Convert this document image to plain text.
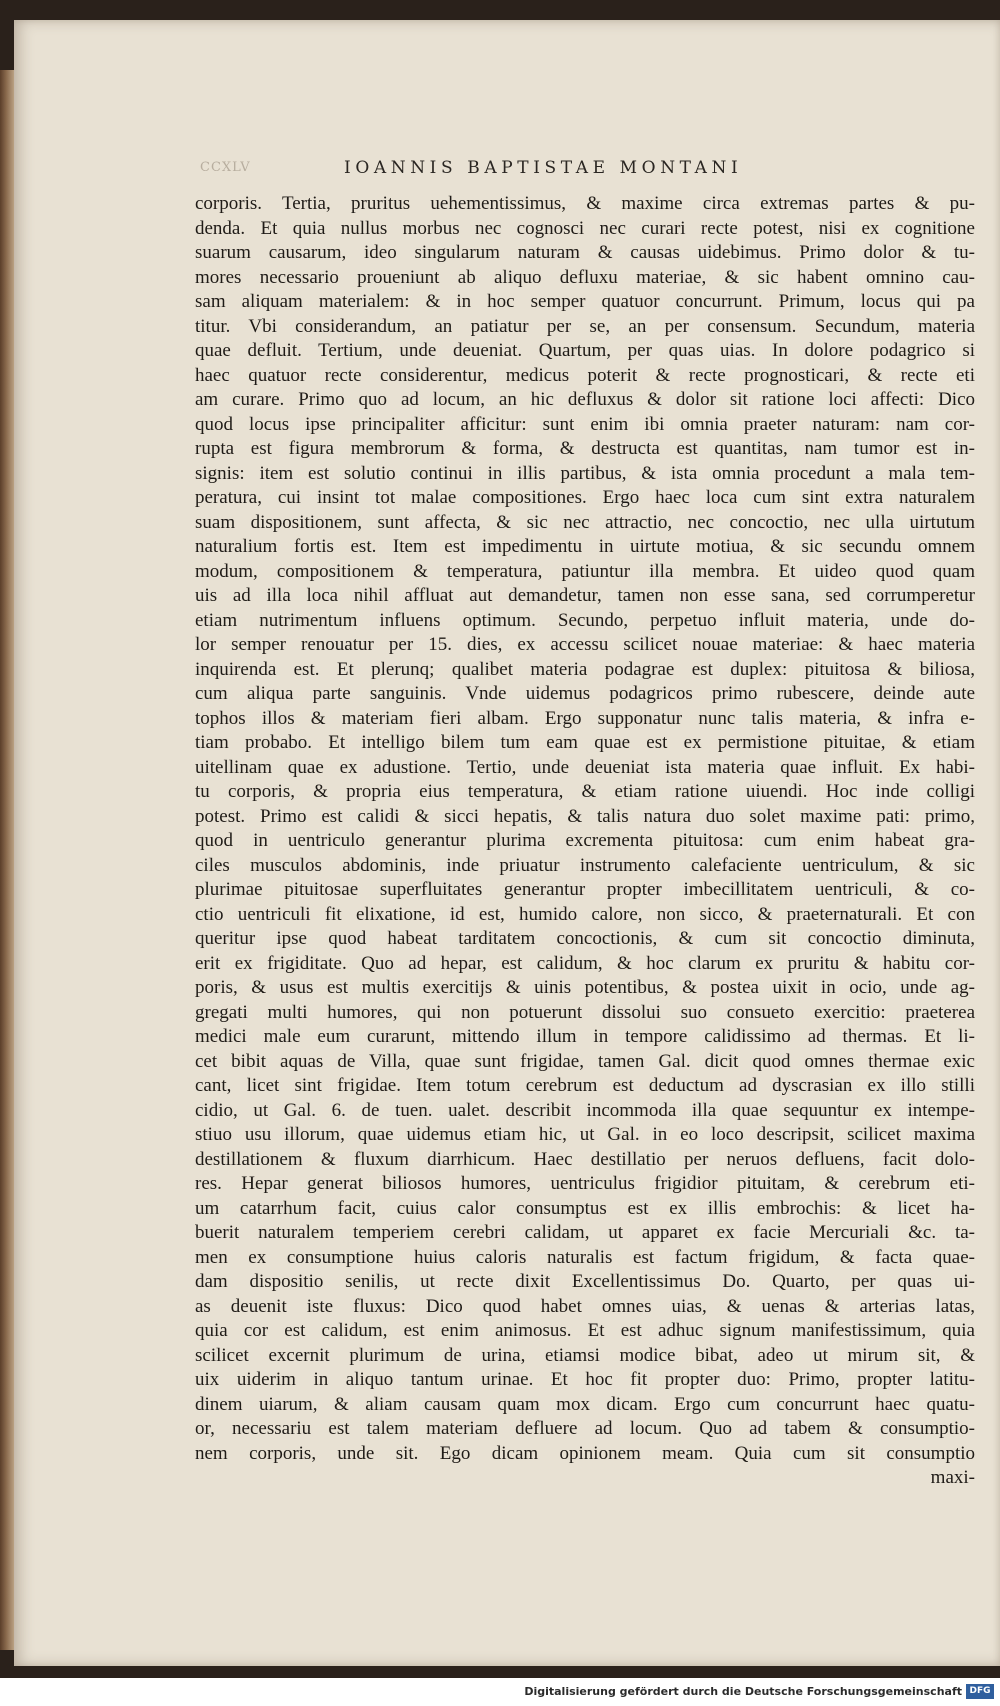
CCXLV	IOANNIS BAPTISTAE MONTANI
corporis. Tertia, pruritus uehementissimus, & maxime circa extremas partes & pu-
denda. Et quia nullus morbus nec cognosci nec curari recte potest, nisi ex cognitione
suarum causarum, ideo singularum naturam & causas uidebimus. Primo dolor & tu-
mores necessario proueniunt ab aliquo defluxu materiae, & sic habent omnino cau-
sam aliquam materialem: & in hoc semper quatuor concurrunt. Primum, locus qui pa
titur. Vbi considerandum, an patiatur per se, an per consensum. Secundum, materia
quae defluit. Tertium, unde deueniat. Quartum, per quas uias. In dolore podagrico si
haec quatuor recte considerentur, medicus poterit & recte prognosticari, & recte eti
am curare. Primo quo ad locum, an hic defluxus & dolor sit ratione loci affecti: Dico
quod locus ipse principaliter afficitur: sunt enim ibi omnia praeter naturam: nam cor-
rupta est figura membrorum & forma, & destructa est quantitas, nam tumor est in-
signis: item est solutio continui in illis partibus, & ista omnia procedunt a mala tem-
peratura, cui insint tot malae compositiones. Ergo haec loca cum sint extra naturalem
suam dispositionem, sunt affecta, & sic nec attractio, nec concoctio, nec ulla uirtutum
naturalium fortis est. Item est impedimentu in uirtute motiua, & sic secundu omnem
modum, compositionem & temperatura, patiuntur illa membra. Et uideo quod quam
uis ad illa loca nihil affluat aut demandetur, tamen non esse sana, sed corrumperetur
etiam nutrimentum influens optimum. Secundo, perpetuo influit materia, unde do-
lor semper renouatur per 15. dies, ex accessu scilicet nouae materiae: & haec materia
inquirenda est. Et plerunq; qualibet materia podagrae est duplex: pituitosa & biliosa,
cum aliqua parte sanguinis. Vnde uidemus podagricos primo rubescere, deinde aute
tophos illos & materiam fieri albam. Ergo supponatur nunc talis materia, & infra e-
tiam probabo. Et intelligo bilem tum eam quae est ex permistione pituitae, & etiam
uitellinam quae ex adustione. Tertio, unde deueniat ista materia quae influit. Ex habi-
tu corporis, & propria eius temperatura, & etiam ratione uiuendi. Hoc inde colligi
potest. Primo est calidi & sicci hepatis, & talis natura duo solet maxime pati: primo,
quod in uentriculo generantur plurima excrementa pituitosa: cum enim habeat gra-
ciles musculos abdominis, inde priuatur instrumento calefaciente uentriculum, & sic
plurimae pituitosae superfluitates generantur propter imbecillitatem uentriculi, & co-
ctio uentriculi fit elixatione, id est, humido calore, non sicco, & praeternaturali. Et con
queritur ipse quod habeat tarditatem concoctionis, & cum sit concoctio diminuta,
erit ex frigiditate. Quo ad hepar, est calidum, & hoc clarum ex pruritu & habitu cor-
poris, & usus est multis exercitijs & uinis potentibus, & postea uixit in ocio, unde ag-
gregati multi humores, qui non potuerunt dissolui suo consueto exercitio: praeterea
medici male eum curarunt, mittendo illum in tempore calidissimo ad thermas. Et li-
cet bibit aquas de Villa, quae sunt frigidae, tamen Gal. dicit quod omnes thermae exic
cant, licet sint frigidae. Item totum cerebrum est deductum ad dyscrasian ex illo stilli
cidio, ut Gal. 6. de tuen. ualet. describit incommoda illa quae sequuntur ex intempe-
stiuo usu illorum, quae uidemus etiam hic, ut Gal. in eo loco descripsit, scilicet maxima
destillationem & fluxum diarrhicum. Haec destillatio per neruos defluens, facit dolo-
res. Hepar generat biliosos humores, uentriculus frigidior pituitam, & cerebrum eti-
um catarrhum facit, cuius calor consumptus est ex illis embrochis: & licet ha-
buerit naturalem temperiem cerebri calidam, ut apparet ex facie Mercuriali &c. ta-
men ex consumptione huius caloris naturalis est factum frigidum, & facta quae-
dam dispositio senilis, ut recte dixit Excellentissimus Do. Quarto, per quas ui-
as deuenit iste fluxus: Dico quod habet omnes uias, & uenas & arterias latas,
quia cor est calidum, est enim animosus. Et est adhuc signum manifestissimum, quia
scilicet excernit plurimum de urina, etiamsi modice bibat, adeo ut mirum sit, &
uix uiderim in aliquo tantum urinae. Et hoc fit propter duo: Primo, propter latitu-
dinem uiarum, & aliam causam quam mox dicam. Ergo cum concurrunt haec quatu-
or, necessariu est talem materiam defluere ad locum. Quo ad tabem & consumptio-
nem corporis, unde sit. Ego dicam opinionem meam. Quia cum sit consumptio
maxi-
Digitalisierung gefördert durch die Deutsche Forschungsgemeinschaft DFG
